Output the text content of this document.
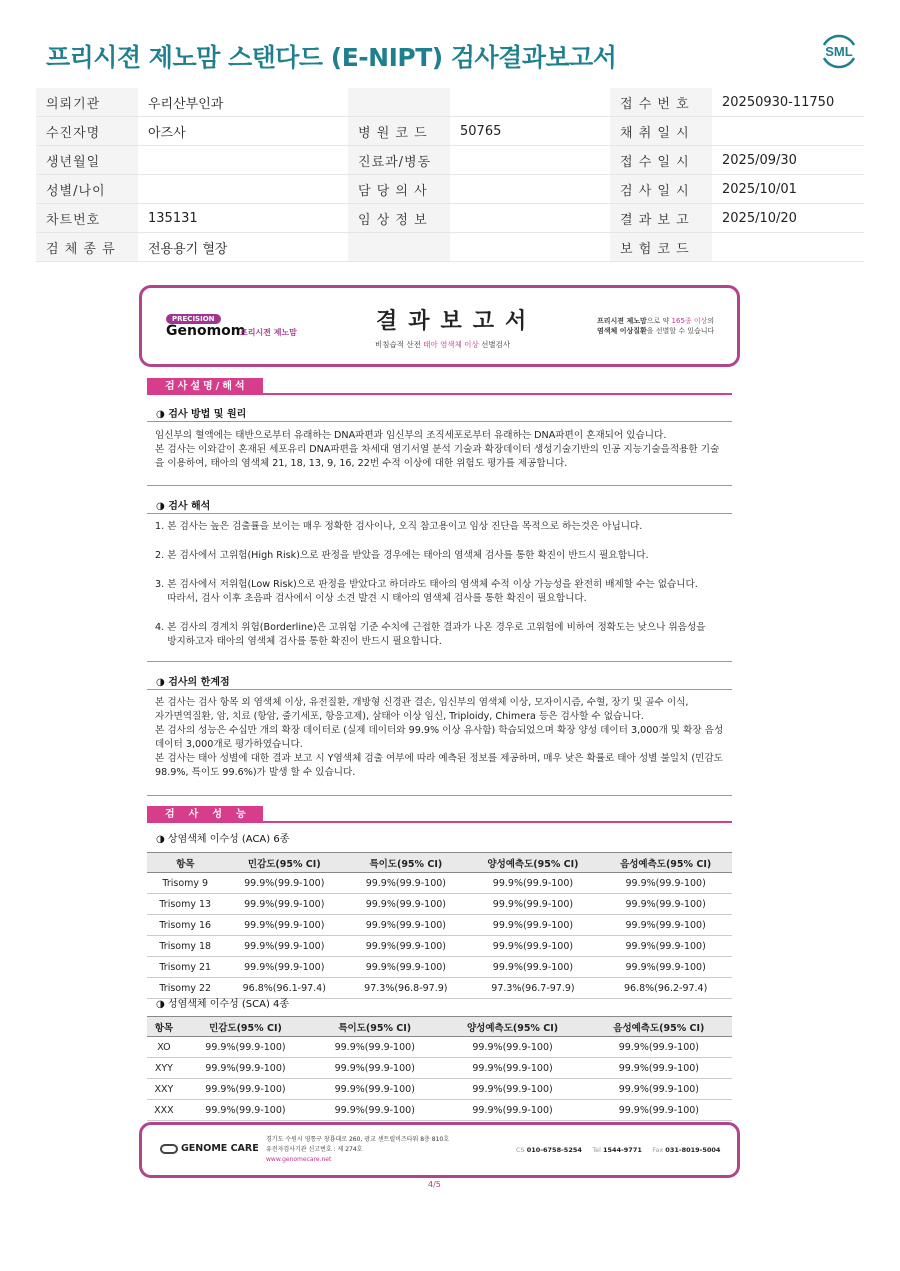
프리시젼 제노맘 스탠다드 (E-NIPT) 검사결과보고서	SML
의뢰기관	우리산부인과			접 수 번 호	20250930-11750
수진자명	아즈사	병 원 코 드	50765	채 취 일 시	
생년월일		진료과/병동		접 수 일 시	2025/09/30
성별/나이		담 당 의 사		검 사 일 시	2025/10/01
차트번호	135131	임 상 정 보		결 과 보 고	2025/10/20
검 체 종 류	전용용기 혈장			보 험 코 드	
PRECISION
Genomom
프리시젼 제노맘	결과보고서
비침습적 산전 태아 염색체 이상 선별검사
프리시젼 제노맘으로 약 165종 이상의
염색체 이상질환을 선별할 수 있습니다
검사설명/해석
◑ 검사 방법 및 원리
임신부의 혈액에는 태반으로부터 유래하는 DNA파편과 임신부의 조직세포로부터 유래하는 DNA파편이 혼재되어 있습니다.
본 검사는 이와같이 혼재된 세포유리 DNA파편을 차세대 염기서열 분석 기술과 확장데이터 생성기술기반의 인공 지능기술을적용한 기술
을 이용하여, 태아의 염색체 21, 18, 13, 9, 16, 22번 수적 이상에 대한 위험도 평가를 제공합니다.
◑ 검사 해석
1. 본 검사는 높은 검출률을 보이는 매우 정확한 검사이나, 오직 참고용이고 임상 진단을 목적으로 하는것은 아닙니다.
2. 본 검사에서 고위험(High Risk)으로 판정을 받았을 경우에는 태아의 염색체 검사를 통한 확진이 반드시 필요합니다.
3. 본 검사에서 저위험(Low Risk)으로 판정을 받았다고 하더라도 태아의 염색체 수적 이상 가능성을 완전히 배제할 수는 없습니다.
따라서, 검사 이후 초음파 검사에서 이상 소견 발견 시 태아의 염색체 검사를 통한 확진이 필요합니다.
4. 본 검사의 경계치 위험(Borderline)은 고위험 기준 수치에 근접한 결과가 나온 경우로 고위험에 비하여 정확도는 낮으나 위음성을
방지하고자 태아의 염색체 검사를 통한 확진이 반드시 필요합니다.
◑ 검사의 한계점
본 검사는 검사 항목 외 염색체 이상, 유전질환, 개방형 신경관 결손, 임신부의 염색체 이상, 모자이시즘, 수혈, 장기 및 골수 이식,
자가면역질환, 암, 치료 (항암, 줄기세포, 항응고제), 삼태아 이상 임신, Triploidy, Chimera 등은 검사할 수 없습니다.
본 검사의 성능은 수십만 개의 확장 데이터로 (실제 데이터와 99.9% 이상 유사함) 학습되었으며 확장 양성 데이터 3,000개 및 확장 음성
데이터 3,000개로 평가하였습니다.
본 검사는 태아 성별에 대한 결과 보고 시 Y염색체 검출 여부에 따라 예측된 정보를 제공하며, 매우 낮은 확률로 태아 성별 불일치 (민감도
98.9%, 특이도 99.6%)가 발생 할 수 있습니다.
검사성능
◑ 상염색체 이수성 (ACA) 6종
항목	민감도(95% CI)	특이도(95% CI)	양성예측도(95% CI)	음성예측도(95% CI)
Trisomy 9	99.9%(99.9-100)	99.9%(99.9-100)	99.9%(99.9-100)	99.9%(99.9-100)
Trisomy 13	99.9%(99.9-100)	99.9%(99.9-100)	99.9%(99.9-100)	99.9%(99.9-100)
Trisomy 16	99.9%(99.9-100)	99.9%(99.9-100)	99.9%(99.9-100)	99.9%(99.9-100)
Trisomy 18	99.9%(99.9-100)	99.9%(99.9-100)	99.9%(99.9-100)	99.9%(99.9-100)
Trisomy 21	99.9%(99.9-100)	99.9%(99.9-100)	99.9%(99.9-100)	99.9%(99.9-100)
Trisomy 22	96.8%(96.1-97.4)	97.3%(96.8-97.9)	97.3%(96.7-97.9)	96.8%(96.2-97.4)
◑ 성염색체 이수성 (SCA) 4종
항목	민감도(95% CI)	특이도(95% CI)	양성예측도(95% CI)	음성예측도(95% CI)
XO	99.9%(99.9-100)	99.9%(99.9-100)	99.9%(99.9-100)	99.9%(99.9-100)
XYY	99.9%(99.9-100)	99.9%(99.9-100)	99.9%(99.9-100)	99.9%(99.9-100)
XXY	99.9%(99.9-100)	99.9%(99.9-100)	99.9%(99.9-100)	99.9%(99.9-100)
XXX	99.9%(99.9-100)	99.9%(99.9-100)	99.9%(99.9-100)	99.9%(99.9-100)
GENOME CARE
경기도 수원시 영통구 창룡대로 260, 광교 센트럴비즈타워 8층 810호
유전자검사기관 신고번호 : 제 274호
www.genomecare.net
CS 010-6758-5254 Tel 1544-9771 Fax 031-8019-5004
4/5
